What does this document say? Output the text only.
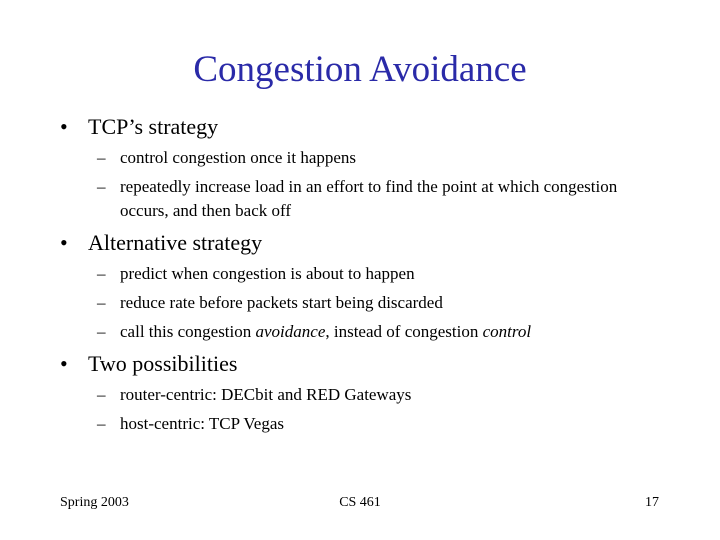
Congestion Avoidance
• TCP’s strategy
– control congestion once it happens
– repeatedly increase load in an effort to find the point at which congestion occurs, and then back off
• Alternative strategy
– predict when congestion is about to happen
– reduce rate before packets start being discarded
– call this congestion avoidance, instead of congestion control
• Two possibilities
– router-centric: DECbit and RED Gateways
– host-centric: TCP Vegas
Spring 2003	CS 461	17
